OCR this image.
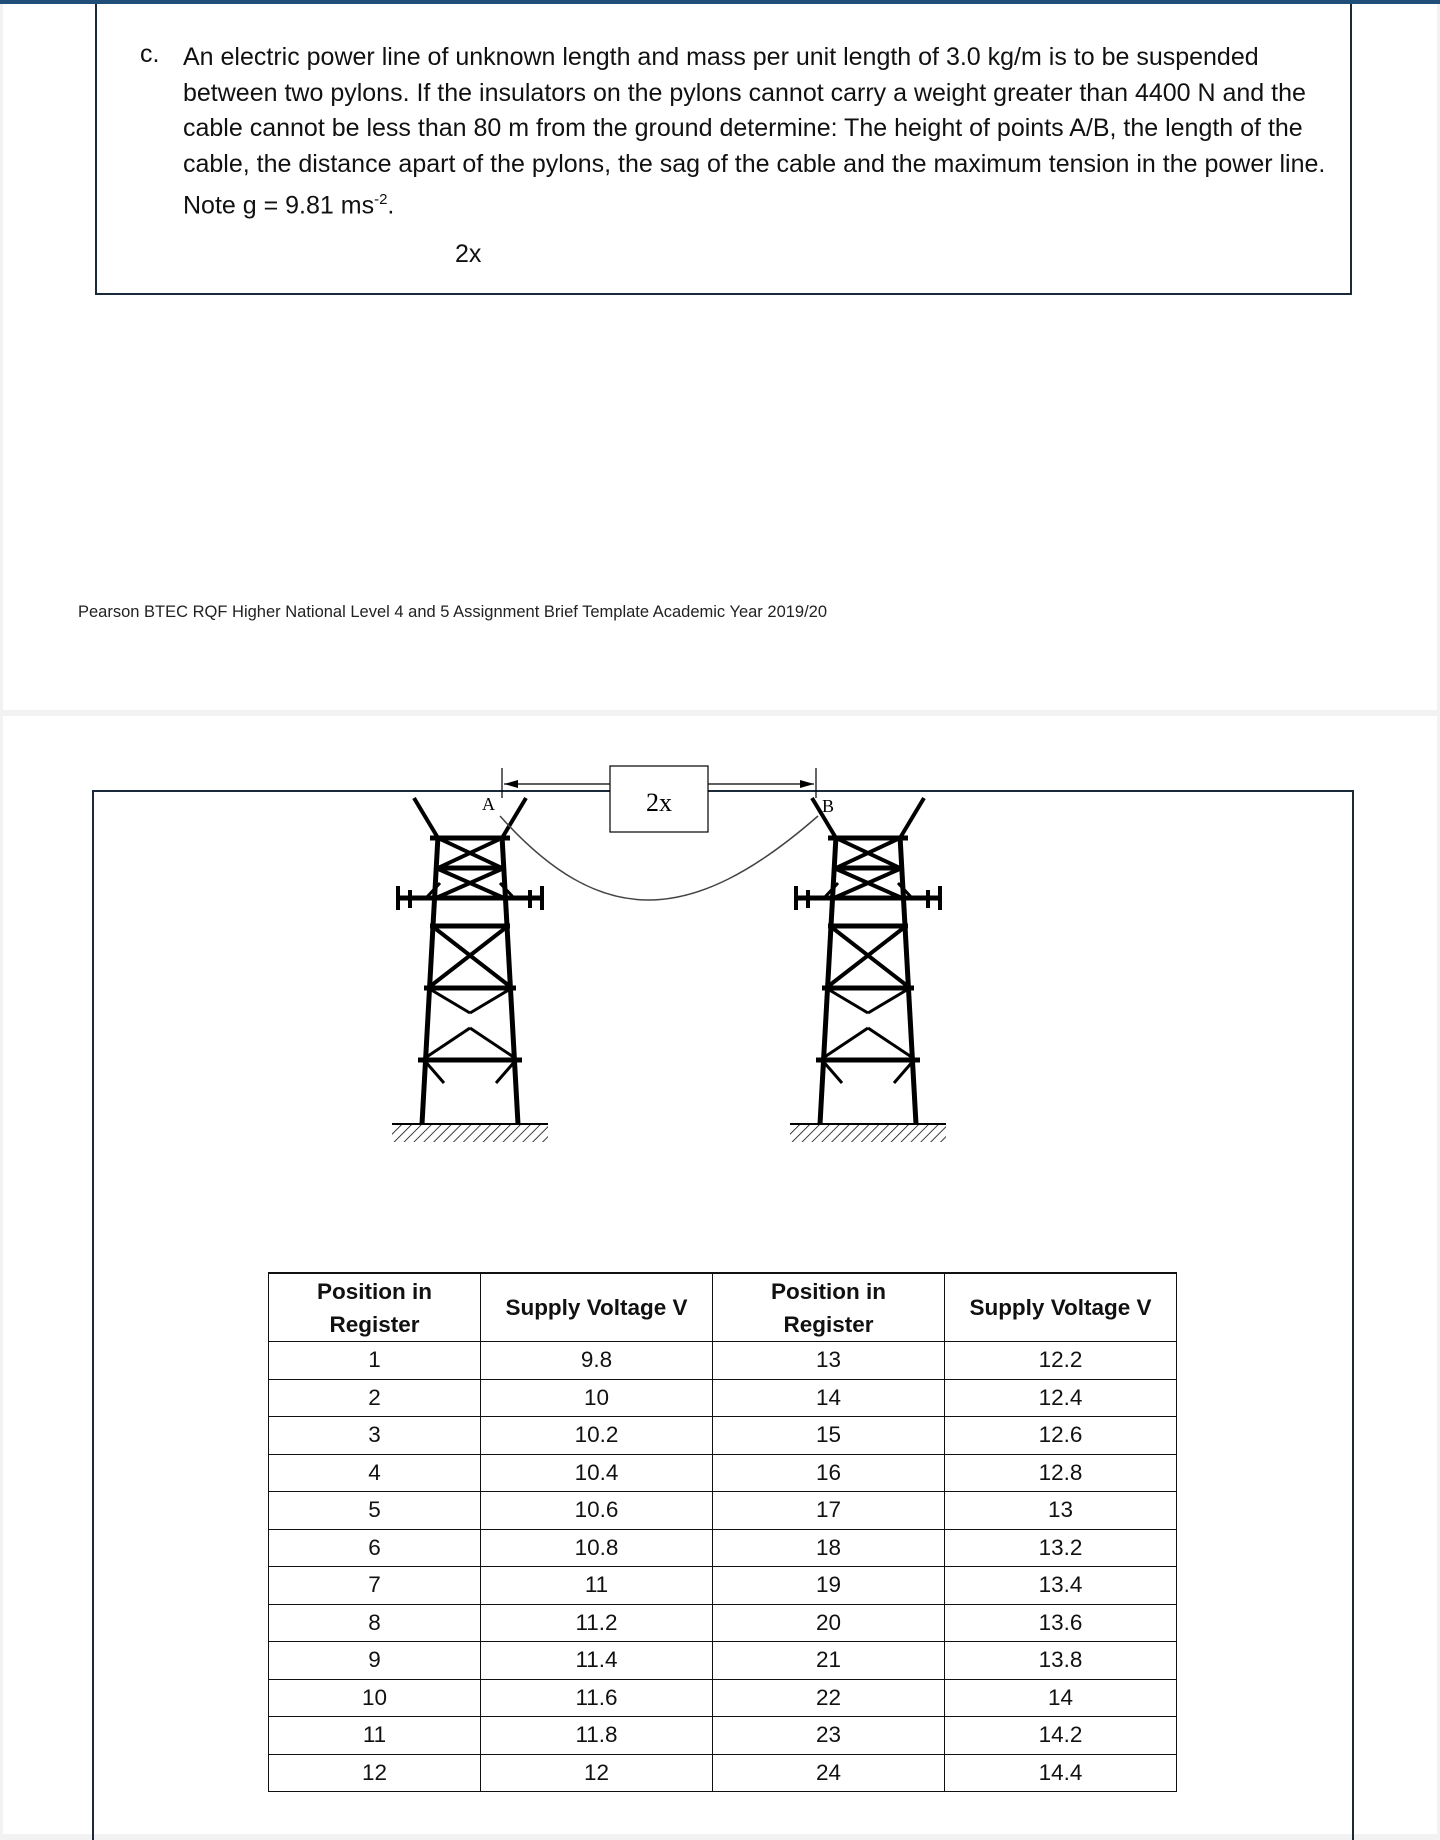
c. An electric power line of unknown length and mass per unit length of 3.0 kg/m is to be suspended between two pylons. If the insulators on the pylons cannot carry a weight greater than 4400 N and the cable cannot be less than 80 m from the ground determine: The height of points A/B, the length of the cable, the distance apart of the pylons, the sag of the cable and the maximum tension in the power line. Note g = 9.81 $ms^{-2}$.

2x
Pearson BTEC RQF Higher National Level 4 and 5 Assignment Brief Template Academic Year 2019/20
2x
A	B
Position in Register	Supply Voltage V	Position in Register	Supply Voltage V
1	9.8	13	12.2
2	10	14	12.4
3	10.2	15	12.6
4	10.4	16	12.8
5	10.6	17	13
6	10.8	18	13.2
7	11	19	13.4
8	11.2	20	13.6
9	11.4	21	13.8
10	11.6	22	14
11	11.8	23	14.2
12	12	24	14.4
